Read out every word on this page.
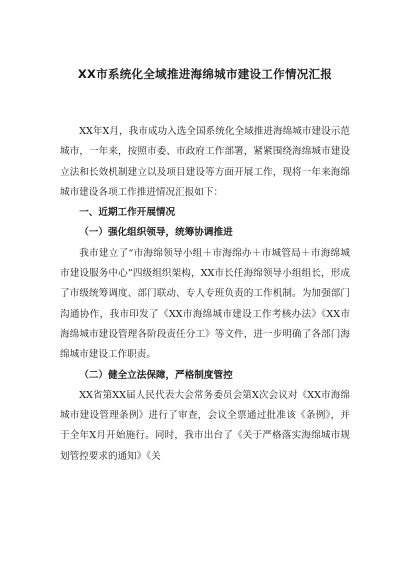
XX市系统化全域推进海绵城市建设工作情况汇报

XX年X月，我市成功入选全国系统化全域推进海绵城市建设示范城市，一年来，按照市委、市政府工作部署，紧紧围绕海绵城市建设立法和长效机制建立以及项目建设等方面开展工作，现将一年来海绵城市建设各项工作推进情况汇报如下：

一、近期工作开展情况

（一）强化组织领导，统筹协调推进

我市建立了“市海绵领导小组＋市海绵办＋市城管局＋市海绵城市建设服务中心”四级组织架构，XX市长任海绵领导小组组长，形成了市级统筹调度、部门联动、专人专班负责的工作机制。为加强部门沟通协作，我市印发了《XX市海绵城市建设工作考核办法》《XX市海绵城市建设管理各阶段责任分工》等文件，进一步明确了各部门海绵城市建设工作职责。

（二）健全立法保障，严格制度管控

XX省第XX届人民代表大会常务委员会第X次会议对《XX市海绵城市建设管理条例》进行了审查，会议全票通过批准该《条例》，并于全年X月开始施行。同时，我市出台了《关于严格落实海绵城市规划管控要求的通知》《关
